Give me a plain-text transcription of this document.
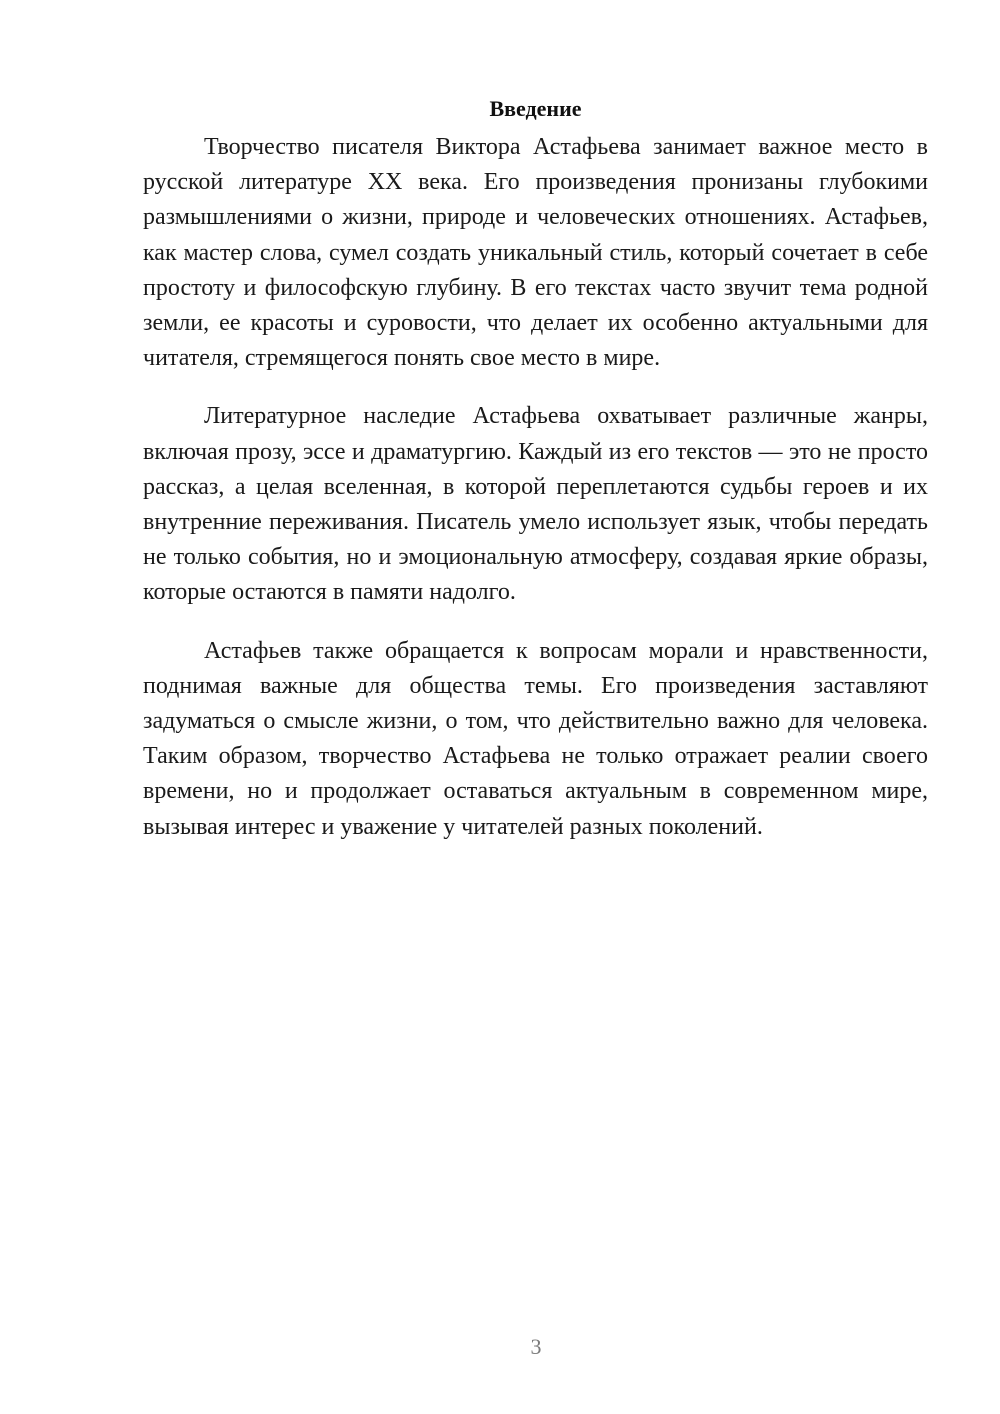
Введение

Творчество писателя Виктора Астафьева занимает важное место в русской литературе XX века. Его произведения пронизаны глубокими размышлениями о жизни, природе и человеческих отношениях. Астафьев, как мастер слова, сумел создать уникальный стиль, который сочетает в себе простоту и философскую глубину. В его текстах часто звучит тема родной земли, ее красоты и суровости, что делает их особенно актуальными для читателя, стремящегося понять свое место в мире.

Литературное наследие Астафьева охватывает различные жанры, включая прозу, эссе и драматургию. Каждый из его текстов — это не просто рассказ, а целая вселенная, в которой переплетаются судьбы героев и их внутренние переживания. Писатель умело использует язык, чтобы передать не только события, но и эмоциональную атмосферу, создавая яркие образы, которые остаются в памяти надолго.

Астафьев также обращается к вопросам морали и нравственности, поднимая важные для общества темы. Его произведения заставляют задуматься о смысле жизни, о том, что действительно важно для человека. Таким образом, творчество Астафьева не только отражает реалии своего времени, но и продолжает оставаться актуальным в современном мире, вызывая интерес и уважение у читателей разных поколений.

3
